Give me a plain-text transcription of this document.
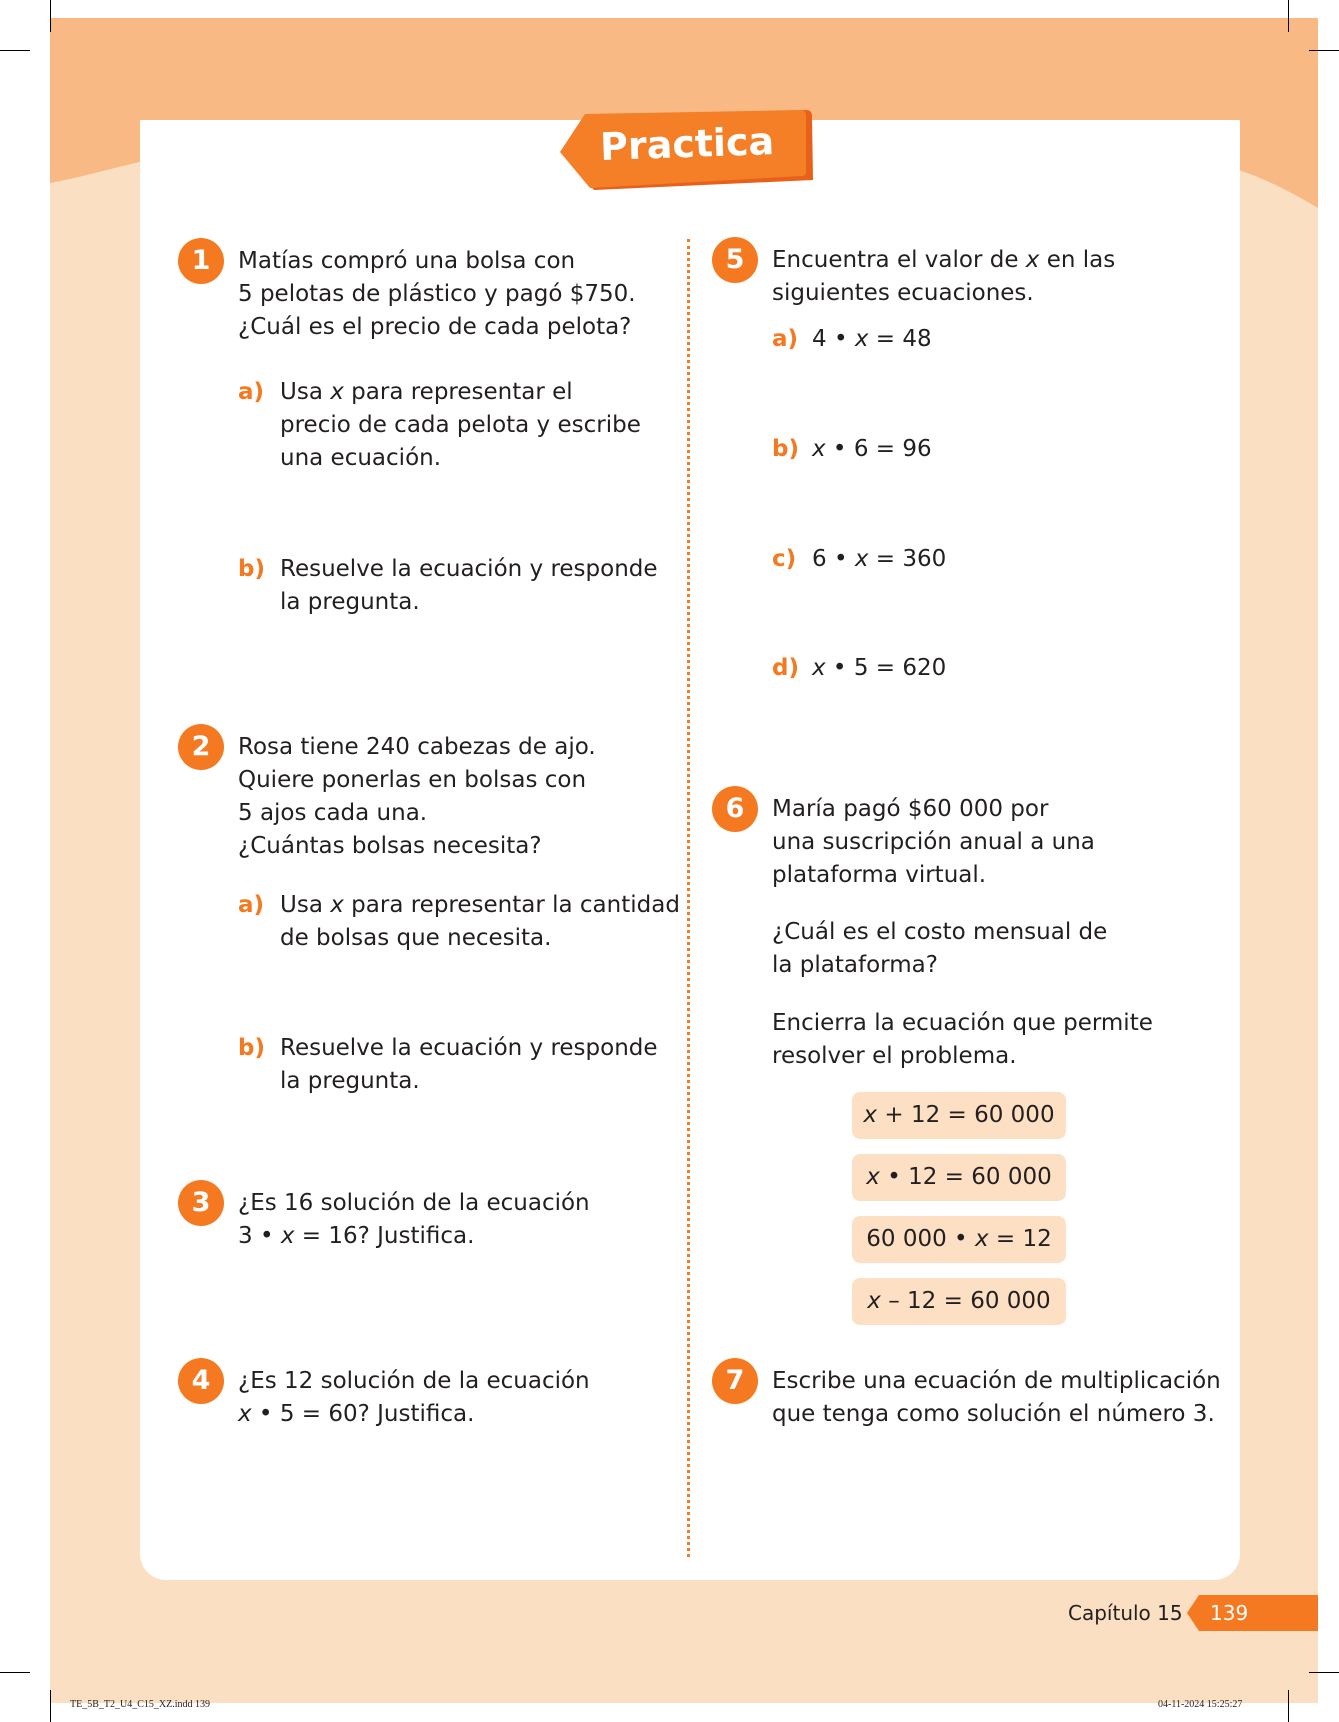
Practica
1	Matías compró una bolsa con
5 pelotas de plástico y pagó $750.
¿Cuál es el precio de cada pelota?
a) Usa x para representar el
precio de cada pelota y escribe
una ecuación.
b) Resuelve la ecuación y responde
la pregunta.
2	Rosa tiene 240 cabezas de ajo.
Quiere ponerlas en bolsas con
5 ajos cada una.
¿Cuántas bolsas necesita?
a) Usa x para representar la cantidad
de bolsas que necesita.
b) Resuelve la ecuación y responde
la pregunta.
3	¿Es 16 solución de la ecuación
3 • x = 16? Justifica.
4	¿Es 12 solución de la ecuación
x • 5 = 60? Justifica.
5	Encuentra el valor de x en las
siguientes ecuaciones.
a) 4 • x = 48
b) x • 6 = 96
c) 6 • x = 360
d) x • 5 = 620
6	María pagó $60 000 por
una suscripción anual a una
plataforma virtual.
¿Cuál es el costo mensual de
la plataforma?
Encierra la ecuación que permite
resolver el problema.
x + 12 = 60 000
x • 12 = 60 000
60 000 • x = 12
x – 12 = 60 000
7	Escribe una ecuación de multiplicación
que tenga como solución el número 3.
Capítulo 15 139
TE_5B_T2_U4_C15_XZ.indd 139	04-11-2024 15:25:27
